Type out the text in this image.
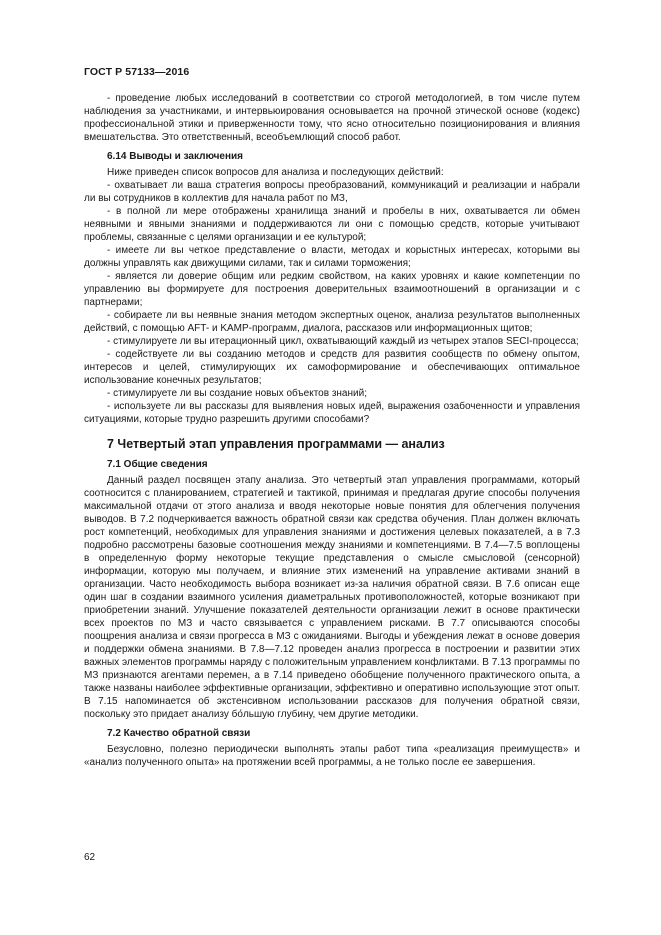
ГОСТ Р 57133—2016

- проведение любых исследований в соответствии со строгой методологией, в том числе путем наблюдения за участниками, и интервьюирования основывается на прочной этической основе (кодекс) профессиональной этики и приверженности тому, что ясно относительно позиционирования и влияния вмешательства. Это ответственный, всеобъемлющий способ работ.

6.14 Выводы и заключения

Ниже приведен список вопросов для анализа и последующих действий:

- охватывает ли ваша стратегия вопросы преобразований, коммуникаций и реализации и набрали ли вы сотрудников в коллектив для начала работ по МЗ,

- в полной ли мере отображены хранилища знаний и пробелы в них, охватывается ли обмен неявными и явными знаниями и поддерживаются ли они с помощью средств, которые учитывают проблемы, связанные с целями организации и ее культурой;

- имеете ли вы четкое представление о власти, методах и корыстных интересах, которыми вы должны управлять как движущими силами, так и силами торможения;

- является ли доверие общим или редким свойством, на каких уровнях и какие компетенции по управлению вы формируете для построения доверительных взаимоотношений в организации и с партнерами;

- собираете ли вы неявные знания методом экспертных оценок, анализа результатов выполненных действий, с помощью AFT- и KAMP-программ, диалога, рассказов или информационных щитов;

- стимулируете ли вы итерационный цикл, охватывающий каждый из четырех этапов SECI-процесса;

- содействуете ли вы созданию методов и средств для развития сообществ по обмену опытом, интересов и целей, стимулирующих их самоформирование и обеспечивающих оптимальное использование конечных результатов;

- стимулируете ли вы создание новых объектов знаний;

- используете ли вы рассказы для выявления новых идей, выражения озабоченности и управления ситуациями, которые трудно разрешить другими способами?

7 Четвертый этап управления программами — анализ
7.1 Общие сведения

Данный раздел посвящен этапу анализа. Это четвертый этап управления программами, который соотносится с планированием, стратегией и тактикой, принимая и предлагая другие способы получения максимальной отдачи от этого анализа и вводя некоторые новые понятия для облегчения получения выводов. В 7.2 подчеркивается важность обратной связи как средства обучения. План должен включать рост компетенций, необходимых для управления знаниями и достижения целевых показателей, а в 7.3 подробно рассмотрены базовые соотношения между знаниями и компетенциями. В 7.4—7.5 воплощены в определенную форму некоторые текущие представления о смысле смысловой (сенсорной) информации, которую мы получаем, и влияние этих изменений на управление активами знаний в организации. Часто необходимость выбора возникает из-за наличия обратной связи. В 7.6 описан еще один шаг в создании взаимного усиления диаметральных противоположностей, которые возникают при приобретении знаний. Улучшение показателей деятельности организации лежит в основе практически всех проектов по МЗ и часто связывается с управлением рисками. В 7.7 описываются способы поощрения анализа и связи прогресса в МЗ с ожиданиями. Выгоды и убеждения лежат в основе доверия и поддержки обмена знаниями. В 7.8—7.12 проведен анализ прогресса в построении и развитии этих важных элементов программы наряду с положительным управлением конфликтами. В 7.13 программы по МЗ признаются агентами перемен, а в 7.14 приведено обобщение полученного практического опыта, а также названы наиболее эффективные организации, эффективно и оперативно использующие этот опыт. В 7.15 напоминается об экстенсивном использовании рассказов для получения обратной связи, поскольку это придает анализу бо́льшую глубину, чем другие методики.

7.2 Качество обратной связи

Безусловно, полезно периодически выполнять этапы работ типа «реализация преимуществ» и «анализ полученного опыта» на протяжении всей программы, а не только после ее завершения.

62
